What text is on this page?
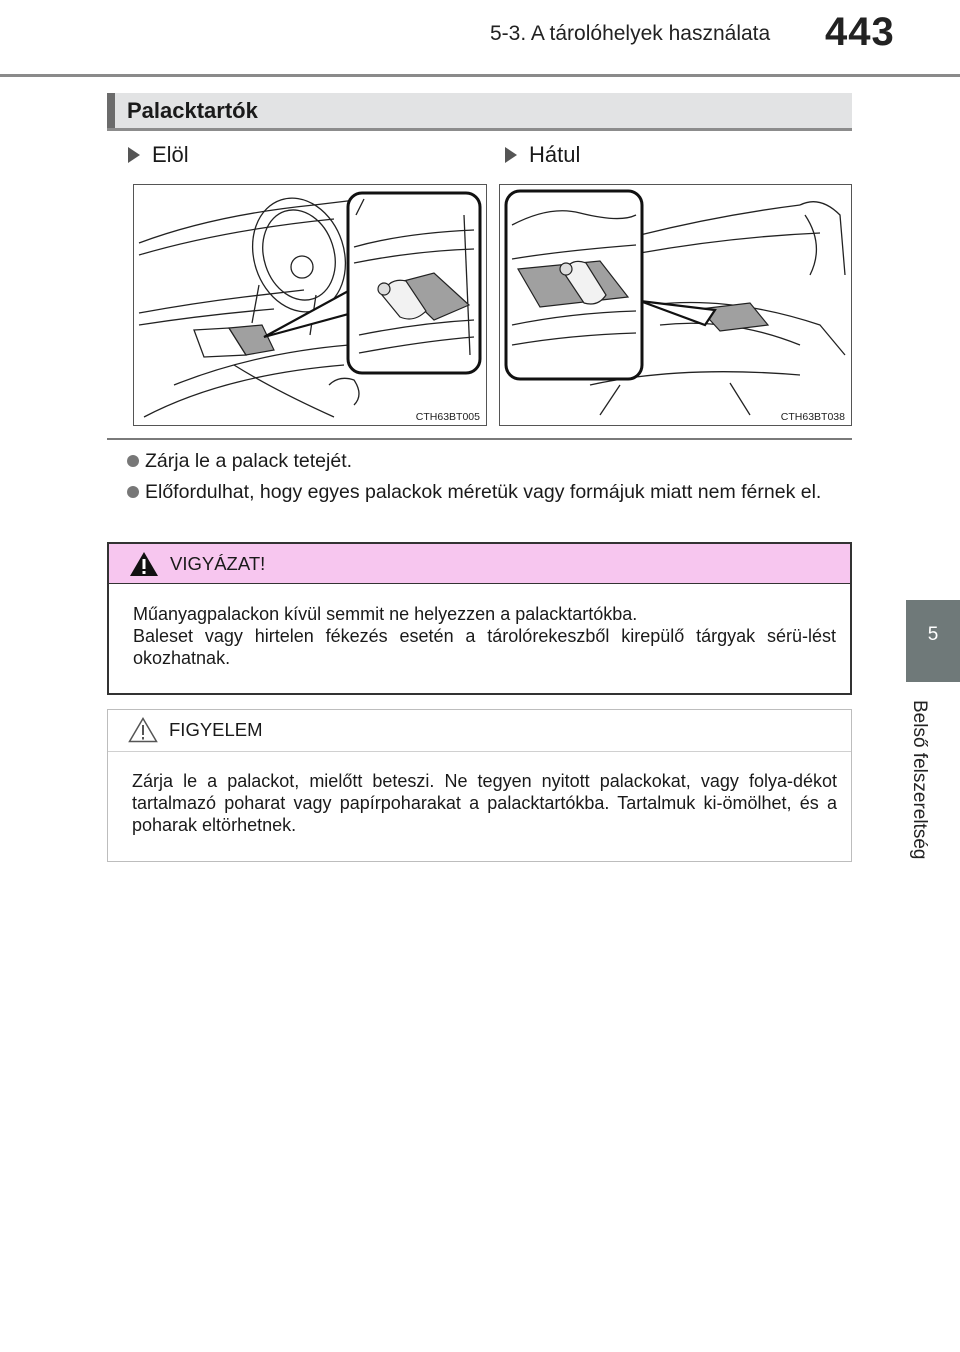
5-3. A tárolóhelyek használata 443
5
Belső felszereltség
Palacktartók
Elöl	Hátul
CTH63BT005	CTH63BT038
Zárja le a palack tetejét.
Előfordulhat, hogy egyes palackok méretük vagy formájuk miatt nem férnek el.
VIGYÁZAT!

Műanyagpalackon kívül semmit ne helyezzen a palacktartókba.

Baleset vagy hirtelen fékezés esetén a tárolórekeszből kirepülő tárgyak sérü-lést okozhatnak.

FIGYELEM
Zárja le a palackot, mielőtt beteszi. Ne tegyen nyitott palackokat, vagy folya-dékot tartalmazó poharat vagy papírpoharakat a palacktartókba. Tartalmuk ki-ömölhet, és a poharak eltörhetnek.
